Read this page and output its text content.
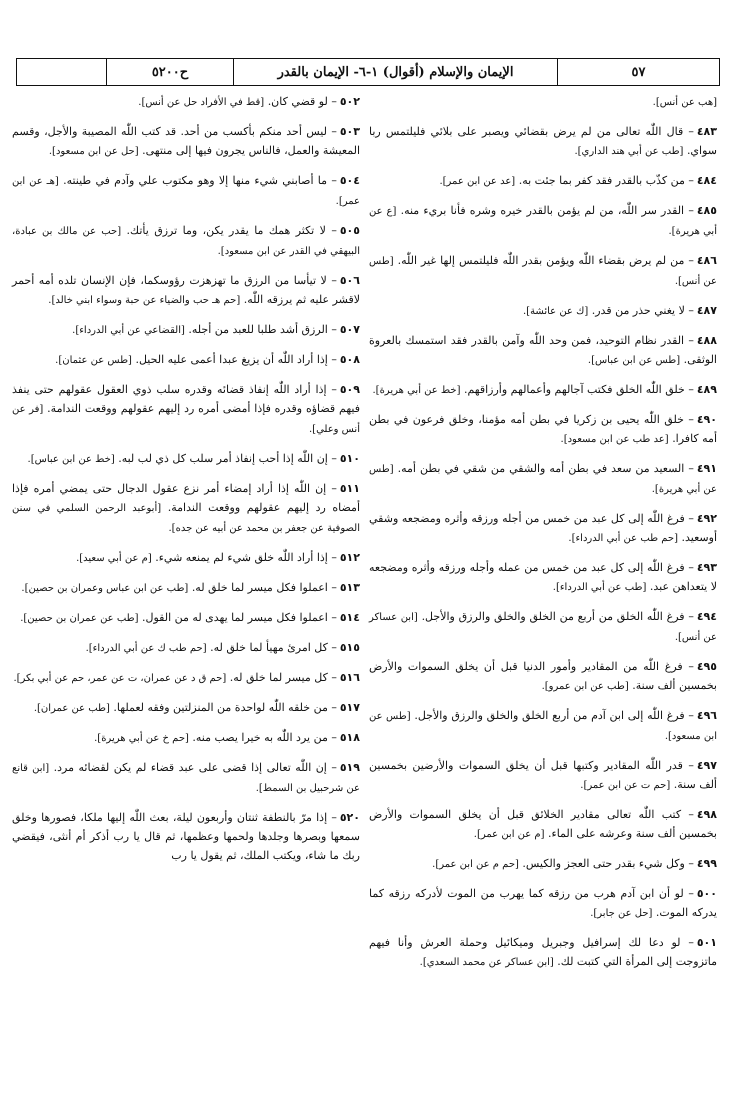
٥٧
الإيمان والإسلام (أقوال) ١-٦- الإيمان بالقدر
ح٥٢٠٠

[هب عن أنس].

٤٨٣– قال اللّٰه تعالى من لم يرض بقضائي ويصبر على بلائي فليلتمس ربا سواي. [طب عن أبي هند الداري].

٤٨٤– من كذّب بالقدر فقد كفر بما جئت به. [عد عن ابن عمر].

٤٨٥– القدر سر اللّٰه، من لم يؤمن بالقدر خيره وشره فأنا بريء منه. [ع عن أبي هريرة].

٤٨٦– من لم يرض بقضاء اللّٰه ويؤمن بقدر اللّٰه فليلتمس إلها غير اللّٰه. [طس عن أنس].

٤٨٧– لا يغني حذر من قدر. [ك عن عائشة].

٤٨٨– القدر نظام التوحيد، فمن وحد اللّٰه وآمن بالقدر فقد استمسك بالعروة الوثقى. [طس عن ابن عباس].

٤٨٩– خلق اللّٰه الخلق فكتب آجالهم وأعمالهم وأرزاقهم. [خط عن أبي هريرة].

٤٩٠– خلق اللّٰه يحيى بن زكريا في بطن أمه مؤمنا، وخلق فرعون في بطن أمه كافرا. [عد طب عن ابن مسعود].

٤٩١– السعيد من سعد في بطن أمه والشقي من شقي في بطن أمه. [طس عن أبي هريرة].

٤٩٢– فرغ اللّٰه إلى كل عبد من خمس من أجله ورزقه وأثره ومضجعه وشقي أوسعيد. [حم طب عن أبي الدرداء].

٤٩٣– فرغ اللّٰه إلى كل عبد من خمس من عمله وأجله ورزقه وأثره ومضجعه لا يتعداهن عبد. [طب عن أبي الدرداء].

٤٩٤– فرغ اللّٰه الخلق من أربع من الخلق والخلق والرزق والأجل. [ابن عساكر عن أنس].

٤٩٥– فرغ اللّٰه من المقادير وأمور الدنيا قبل أن يخلق السموات والأرض بخمسين ألف سنة. [طب عن ابن عمرو].

٤٩٦– فرغ اللّٰه إلى ابن آدم من أربع الخلق والخلق والرزق والأجل. [طس عن ابن مسعود].

٤٩٧– قدر اللّٰه المقادير وكتبها قبل أن يخلق السموات والأرضين بخمسين ألف سنة. [حم ت عن ابن عمر].

٤٩٨– كتب اللّٰه تعالى مقادير الخلائق قبل أن يخلق السموات والأرض بخمسين ألف سنة وعرشه على الماء. [م عن ابن عمر].

٤٩٩– وكل شيء بقدر حتى العجز والكيس. [حم م عن ابن عمر].

٥٠٠– لو أن ابن آدم هرب من رزقه كما يهرب من الموت لأدركه رزقه كما يدركه الموت. [حل عن جابر].

٥٠١– لو دعا لك إسرافيل وجبريل وميكائيل وحملة العرش وأنا فيهم ماتزوجت إلى المرأة التي كتبت لك. [ابن عساكر عن محمد السعدي].

٥٠٢– لو قضي كان. [قط في الأفراد حل عن أنس].

٥٠٣– ليس أحد منكم بأكسب من أحد. قد كتب اللّٰه المصيبة والأجل، وقسم المعيشة والعمل، فالناس يجرون فيها إلى منتهى. [حل عن ابن مسعود].

٥٠٤– ما أصابني شيء منها إلا وهو مكتوب علي وآدم في طينته. [هـ عن ابن عمر].

٥٠٥– لا تكثر همك ما يقدر يكن، وما ترزق يأتك. [حب عن مالك بن عبادة، البيهقي في القدر عن ابن مسعود].

٥٠٦– لا تيأسا من الرزق ما تهزهزت رؤوسكما، فإن الإنسان تلده أمه أحمر لاقشر عليه ثم يرزقه اللّٰه. [حم هـ حب والضياء عن حبة وسواء ابني خالد].

٥٠٧– الرزق أشد طلبا للعبد من أجله. [القضاعي عن أبي الدرداء].

٥٠٨– إذا أراد اللّٰه أن يزيغ عبدا أعمى عليه الحيل. [طس عن عثمان].

٥٠٩– إذا أراد اللّٰه إنفاذ قضائه وقدره سلب ذوي العقول عقولهم حتى ينفذ فيهم قضاؤه وقدره فإذا أمضى أمره رد إليهم عقولهم ووقعت الندامة. [فر عن أنس وعلي].

٥١٠– إن اللّٰه إذا أحب إنفاذ أمر سلب كل ذي لب لبه. [خط عن ابن عباس].

٥١١– إن اللّٰه إذا أراد إمضاء أمر نزع عقول الدجال حتى يمضي أمره فإذا أمضاه رد إليهم عقولهم ووقعت الندامة. [أبوعبد الرحمن السلمي في سنن الصوفية عن جعفر بن محمد عن أبيه عن جده].

٥١٢– إذا أراد اللّٰه خلق شيء لم يمنعه شيء. [م عن أبي سعيد].

٥١٣– اعملوا فكل ميسر لما خلق له. [طب عن ابن عباس وعمران بن حصين].

٥١٤– اعملوا فكل ميسر لما يهدى له من القول. [طب عن عمران بن حصين].

٥١٥– كل امرئ مهيأ لما خلق له. [حم طب ك عن أبي الدرداء].

٥١٦– كل ميسر لما خلق له. [حم ق د عن عمران، ت عن عمر، حم عن أبي بكر].

٥١٧– من خلقه اللّٰه لواحدة من المنزلتين وفقه لعملها. [طب عن عمران].

٥١٨– من يرد اللّٰه به خيرا يصب منه. [حم خ عن أبي هريرة].

٥١٩– إن اللّٰه تعالى إذا قضى على عبد قضاء لم يكن لقضائه مرد. [ابن قانع عن شرحبيل بن السمط].

٥٢٠– إذا مرّ بالنطفة ثنتان وأربعون ليلة، بعث اللّٰه إليها ملكا، فصورها وخلق سمعها وبصرها وجلدها ولحمها وعظمها، ثم قال يا رب أذكر أم أنثى، فيقضي ربك ما شاء، ويكتب الملك، ثم يقول يا رب
